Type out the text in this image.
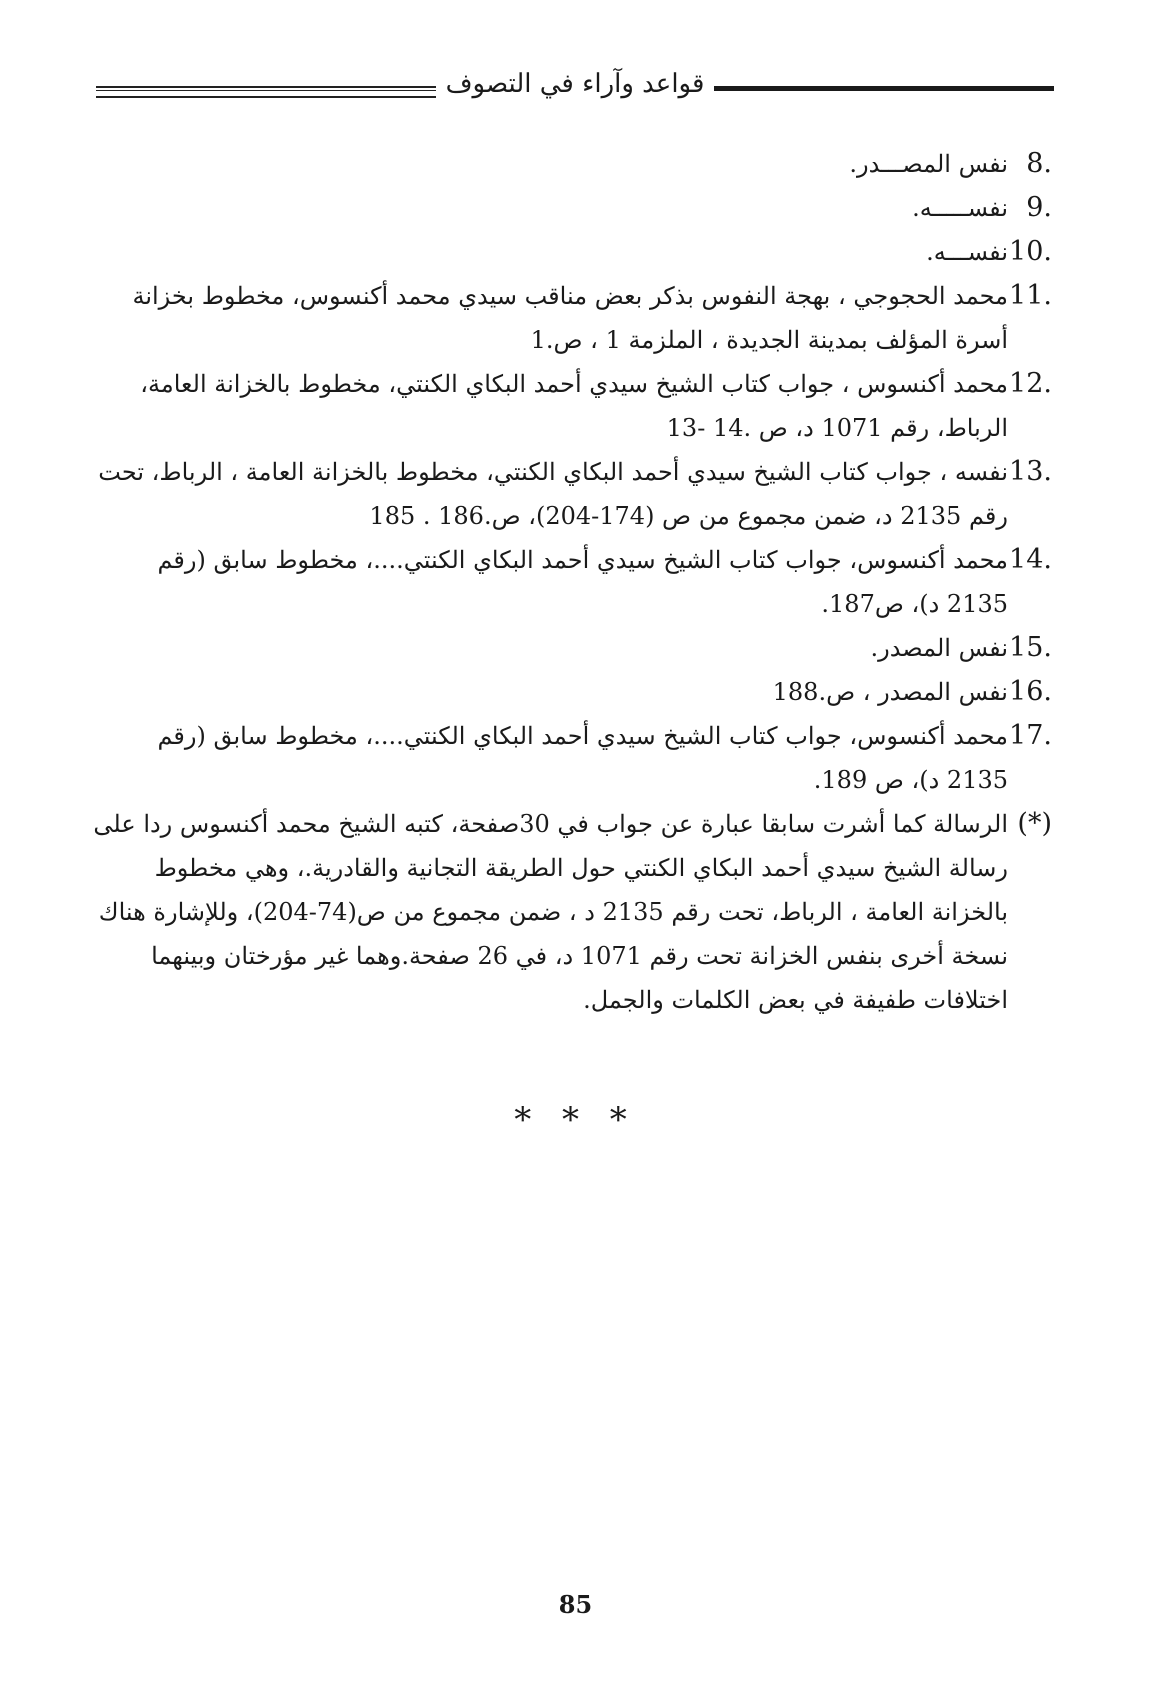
قواعد وآراء في التصوف
8.
نفس المصـــدر.
9.
نفســـــه.
10.
نفســـه.
11.
محمد الحجوجي ، بهجة النفوس بذكر بعض مناقب سيدي محمد أكنسوس، مخطوط بخزانة أسرة المؤلف بمدينة الجديدة ، الملزمة 1 ، ص.1
12.
محمد أكنسوس ، جواب كتاب الشيخ سيدي أحمد البكاي الكنتي، مخطوط بالخزانة العامة، الرباط، رقم 1071 د، ص .14 -13
13.
نفسه ، جواب كتاب الشيخ سيدي أحمد البكاي الكنتي، مخطوط بالخزانة العامة ، الرباط، تحت رقم 2135 د، ضمن مجموع من ص (174-204)، ص.186 . 185
14.
محمد أكنسوس، جواب كتاب الشيخ سيدي أحمد البكاي الكنتي....، مخطوط سابق (رقم 2135 د)، ص187.
15.
نفس المصدر.
16.
نفس المصدر ، ص.188
17.
محمد أكنسوس، جواب كتاب الشيخ سيدي أحمد البكاي الكنتي....، مخطوط سابق (رقم 2135 د)، ص 189.
(*)
الرسالة كما أشرت سابقا عبارة عن جواب في 30صفحة، كتبه الشيخ محمد أكنسوس ردا على رسالة الشيخ سيدي أحمد البكاي الكنتي حول الطريقة التجانية والقادرية.، وهي مخطوط بالخزانة العامة ، الرباط، تحت رقم 2135 د ، ضمن مجموع من ص(74-204)، وللإشارة هناك نسخة أخرى بنفس الخزانة تحت رقم 1071 د، في 26 صفحة.وهما غير مؤرختان وبينهما اختلافات طفيفة في بعض الكلمات والجمل.
* * *
85
